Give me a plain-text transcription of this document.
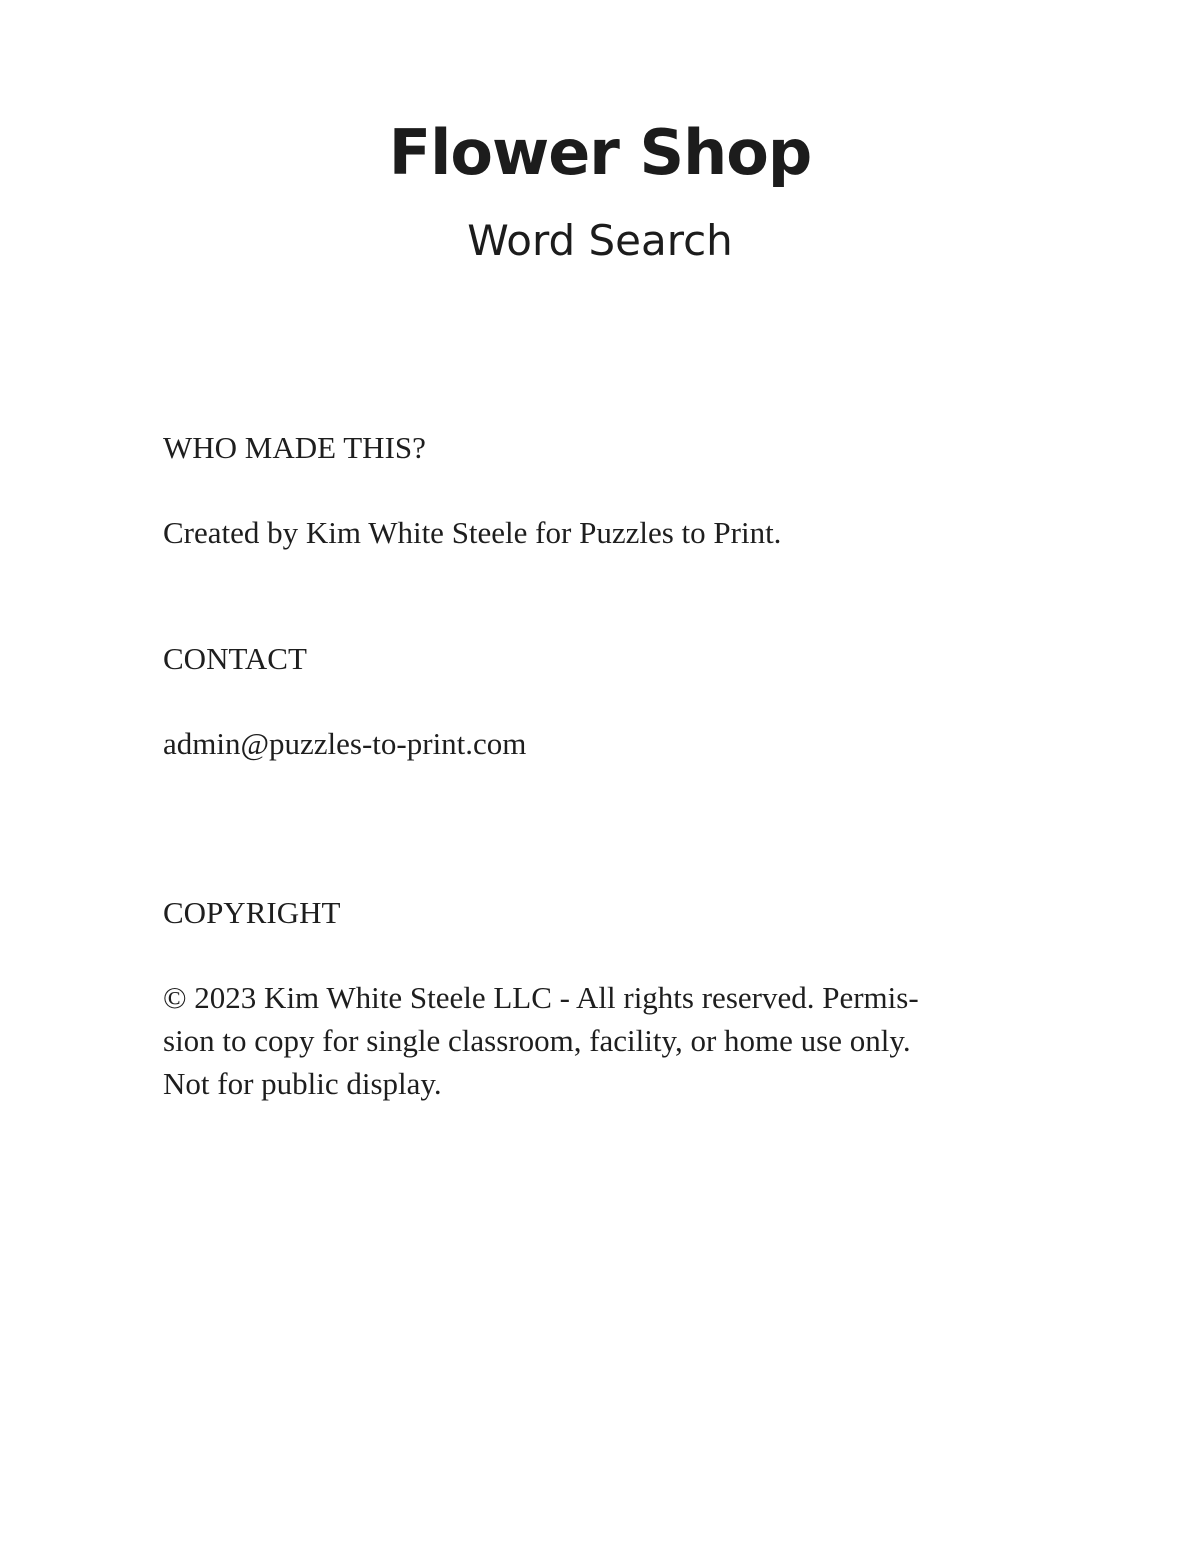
Flower Shop
Word Search
WHO MADE THIS?
Created by Kim White Steele for Puzzles to Print.
CONTACT
admin@puzzles-to-print.com
COPYRIGHT
© 2023 Kim White Steele LLC - All rights reserved. Permis-
sion to copy for single classroom, facility, or home use only.
Not for public display.
